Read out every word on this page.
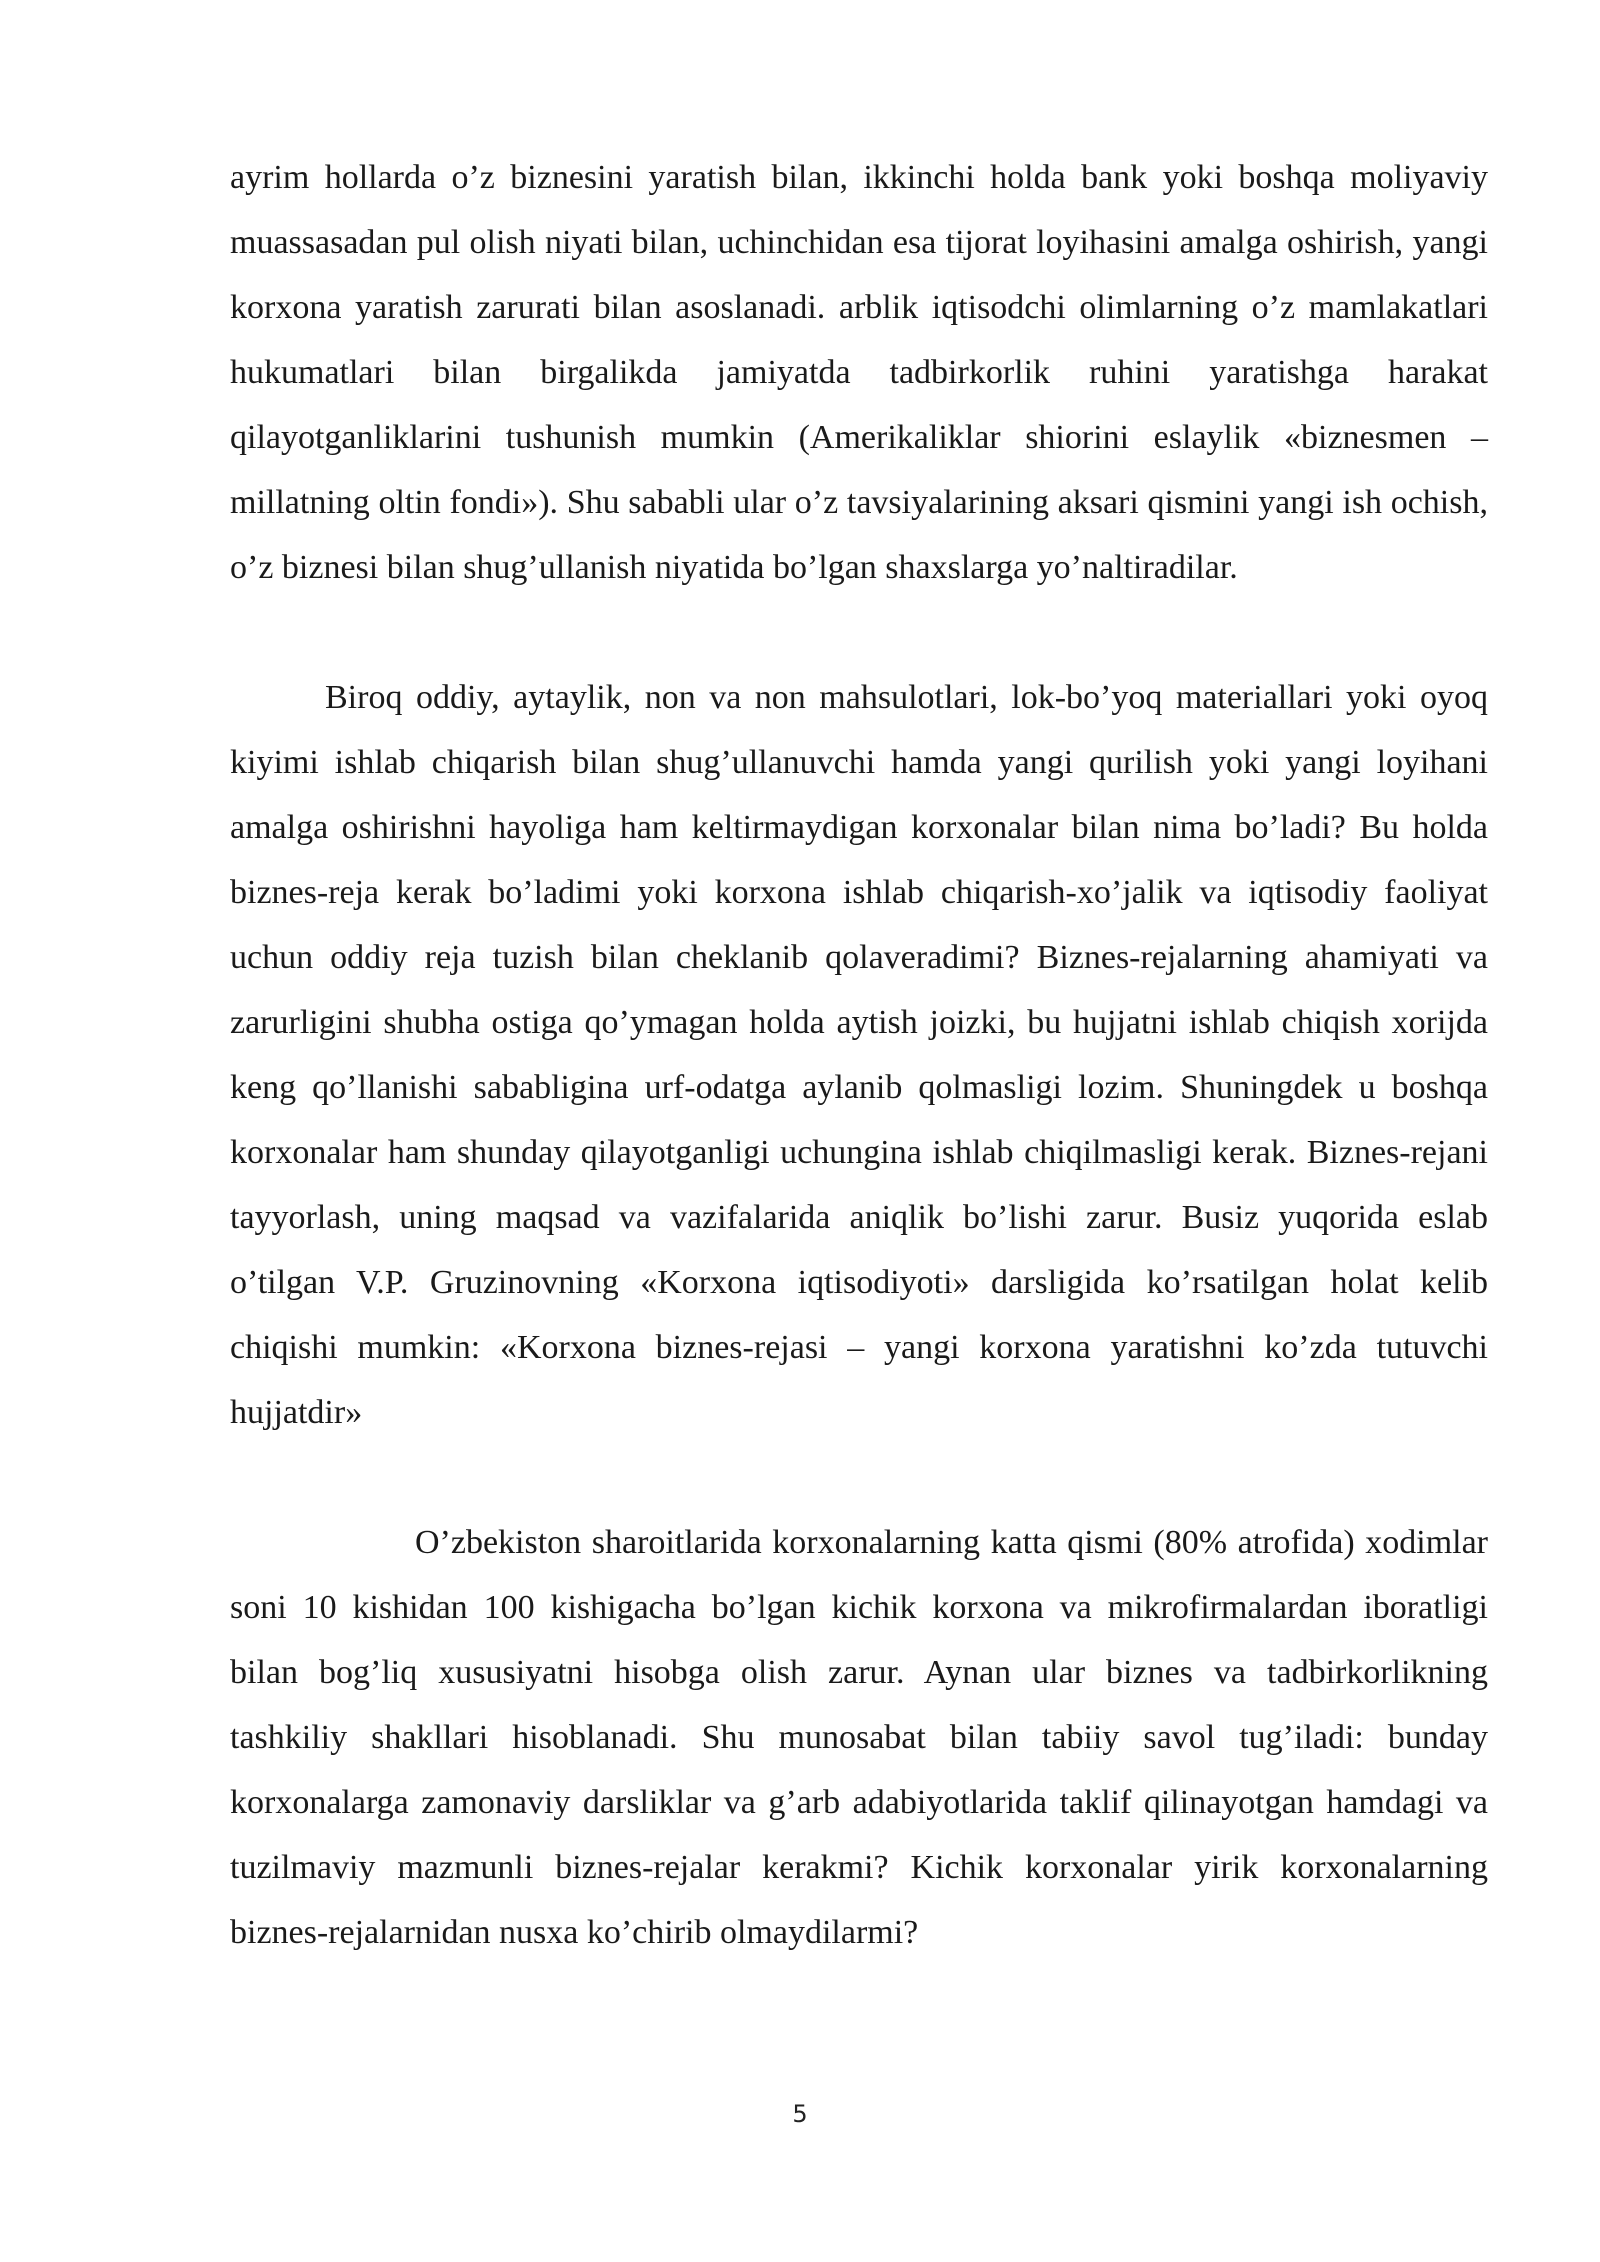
ayrim hollarda o’z biznesini yaratish bilan, ikkinchi holda bank yoki boshqa moliyaviy muassasadan pul olish niyati bilan, uchinchidan esa tijorat loyihasini amalga oshirish, yangi korxona yaratish zarurati bilan asoslanadi. arblik iqtisodchi olimlarning o’z mamlakatlari hukumatlari bilan birgalikda jamiyatda tadbirkorlik ruhini yaratishga harakat qilayotganliklarini tushunish mumkin (Amerikaliklar shiorini eslaylik «biznesmen – millatning oltin fondi»). Shu sababli ular o’z tavsiyalarining aksari qismini yangi ish ochish, o’z biznesi bilan shug’ullanish niyatida bo’lgan shaxslarga yo’naltiradilar.

Biroq oddiy, aytaylik, non va non mahsulotlari, lok-bo’yoq materiallari yoki oyoq kiyimi ishlab chiqarish bilan shug’ullanuvchi hamda yangi qurilish yoki yangi loyihani amalga oshirishni hayoliga ham keltirmaydigan korxonalar bilan nima bo’ladi? Bu holda biznes-reja kerak bo’ladimi yoki korxona ishlab chiqarish-xo’jalik va iqtisodiy faoliyat uchun oddiy reja tuzish bilan cheklanib qolaveradimi? Biznes-rejalarning ahamiyati va zarurligini shubha ostiga qo’ymagan holda aytish joizki, bu hujjatni ishlab chiqish xorijda keng qo’llanishi sababligina urf-odatga aylanib qolmasligi lozim. Shuningdek u boshqa korxonalar ham shunday qilayotganligi uchungina ishlab chiqilmasligi kerak. Biznes-rejani tayyorlash, uning maqsad va vazifalarida aniqlik bo’lishi zarur. Busiz yuqorida eslab o’tilgan V.P. Gruzinovning «Korxona iqtisodiyoti» darsligida ko’rsatilgan holat kelib chiqishi mumkin: «Korxona biznes-rejasi – yangi korxona yaratishni ko’zda tutuvchi hujjatdir»

O’zbekiston sharoitlarida korxonalarning katta qismi (80% atrofida) xodimlar soni 10 kishidan 100 kishigacha bo’lgan kichik korxona va mikrofirmalardan iboratligi bilan bog’liq xususiyatni hisobga olish zarur. Aynan ular biznes va tadbirkorlikning tashkiliy shakllari hisoblanadi. Shu munosabat bilan tabiiy savol tug’iladi: bunday korxonalarga zamonaviy darsliklar va g’arb adabiyotlarida taklif qilinayotgan hamdagi va tuzilmaviy mazmunli biznes-rejalar kerakmi? Kichik korxonalar yirik korxonalarning biznes-rejalarnidan nusxa ko’chirib olmaydilarmi?

5
